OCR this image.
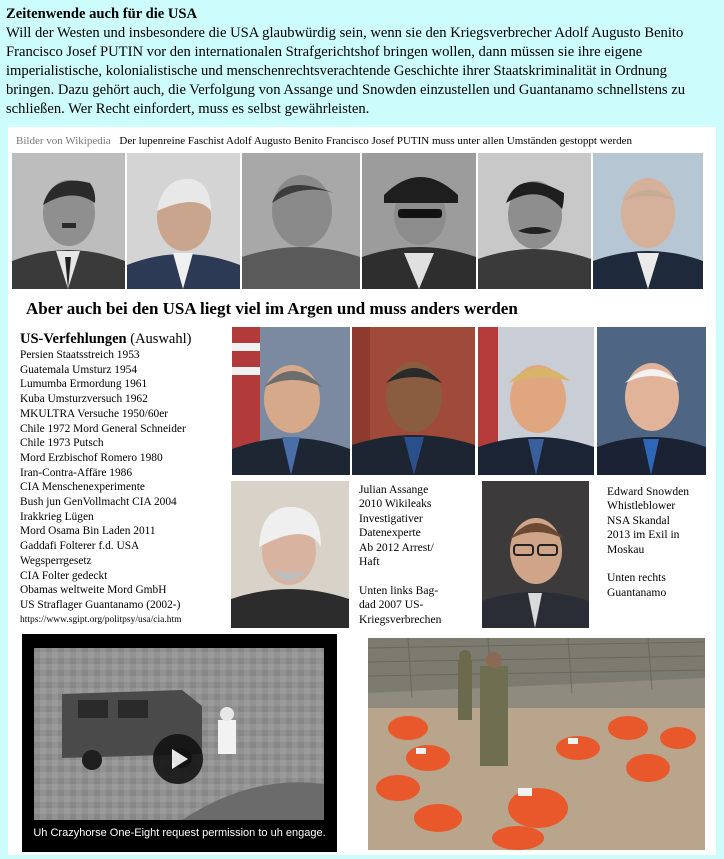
Zeitenwende auch für die USA
Will der Westen und insbesondere die USA glaubwürdig sein, wenn sie den Kriegsverbrecher Adolf Augusto Benito Francisco Josef PUTIN vor den internationalen Strafgerichtshof bringen wollen, dann müssen sie ihre eigene imperialistische, kolonialistische und menschenrechtsverachtende Geschichte ihrer Staatskriminalität in Ordnung bringen. Dazu gehört auch, die Verfolgung von Assange und Snowden einzustellen und Guantanamo schnellstens zu schließen. Wer Recht einfordert, muss es selbst gewährleisten.
Bilder von Wikipedia Der lupenreine Faschist Adolf Augusto Benito Francisco Josef PUTIN muss unter allen Umständen gestoppt werden
Aber auch bei den USA liegt viel im Argen und muss anders werden
US-Verfehlungen (Auswahl)
Persien Staatsstreich 1953
Guatemala Umsturz 1954
Lumumba Ermordung 1961
Kuba Umsturzversuch 1962
MKULTRA Versuche 1950/60er
Chile 1972 Mord General Schneider
Chile 1973 Putsch
Mord Erzbischof Romero 1980
Iran-Contra-Affäre 1986
CIA Menschenexperimente
Bush jun GenVollmacht CIA 2004
Irakkrieg Lügen
Mord Osama Bin Laden 2011
Gaddafi Folterer f.d. USA
Wegsperrgesetz
CIA Folter gedeckt
Obamas weltweite Mord GmbH
US Straflager Guantanamo (2002-)
https://www.sgipt.org/politpsy/usa/cia.htm
Julian Assange
2010 Wikileaks
Investigativer
Datenexperte
Ab 2012 Arrest/
Haft
Unten links Bag-
dad 2007 US-
Kriegsverbrechen
Edward Snowden
Whistleblower
NSA Skandal
2013 im Exil in
Moskau
Unten rechts
Guantanamo
Uh Crazyhorse One-Eight request permission to uh engage.
